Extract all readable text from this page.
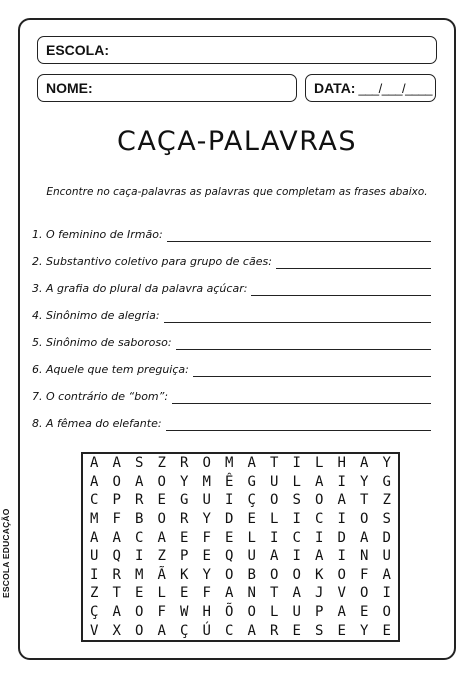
ESCOLA EDUCAÇÃO
ESCOLA:
NOME:	DATA: ___/___/____
CAÇA-PALAVRAS
Encontre no caça-palavras as palavras que completam as frases abaixo.
1. O feminino de Irmão:
2. Substantivo coletivo para grupo de cães:
3. A grafia do plural da palavra açúcar:
4. Sinônimo de alegria:
5. Sinônimo de saboroso:
6. Aquele que tem preguiça:
7. O contrário de “bom”:
8. A fêmea do elefante:
A	A	S	Z	R	O	M	A	T	I	L	H	A	Y
A	O	A	O	Y	M	Ê	G	U	L	A	I	Y	G
C	P	R	E	G	U	I	Ç	O	S	O	A	T	Z
M	F	B	O	R	Y	D	E	L	I	C	I	O	S
A	A	C	A	E	F	E	L	I	C	I	D	A	D
U	Q	I	Z	P	E	Q	U	A	I	A	I	N	U
I	R	M	Ã	K	Y	O	B	O	O	K	O	F	A
Z	T	E	L	E	F	A	N	T	A	J	V	O	I
Ç	A	O	F	W	H	Õ	O	L	U	P	A	E	O
V	X	O	A	Ç	Ú	C	A	R	E	S	E	Y	E
